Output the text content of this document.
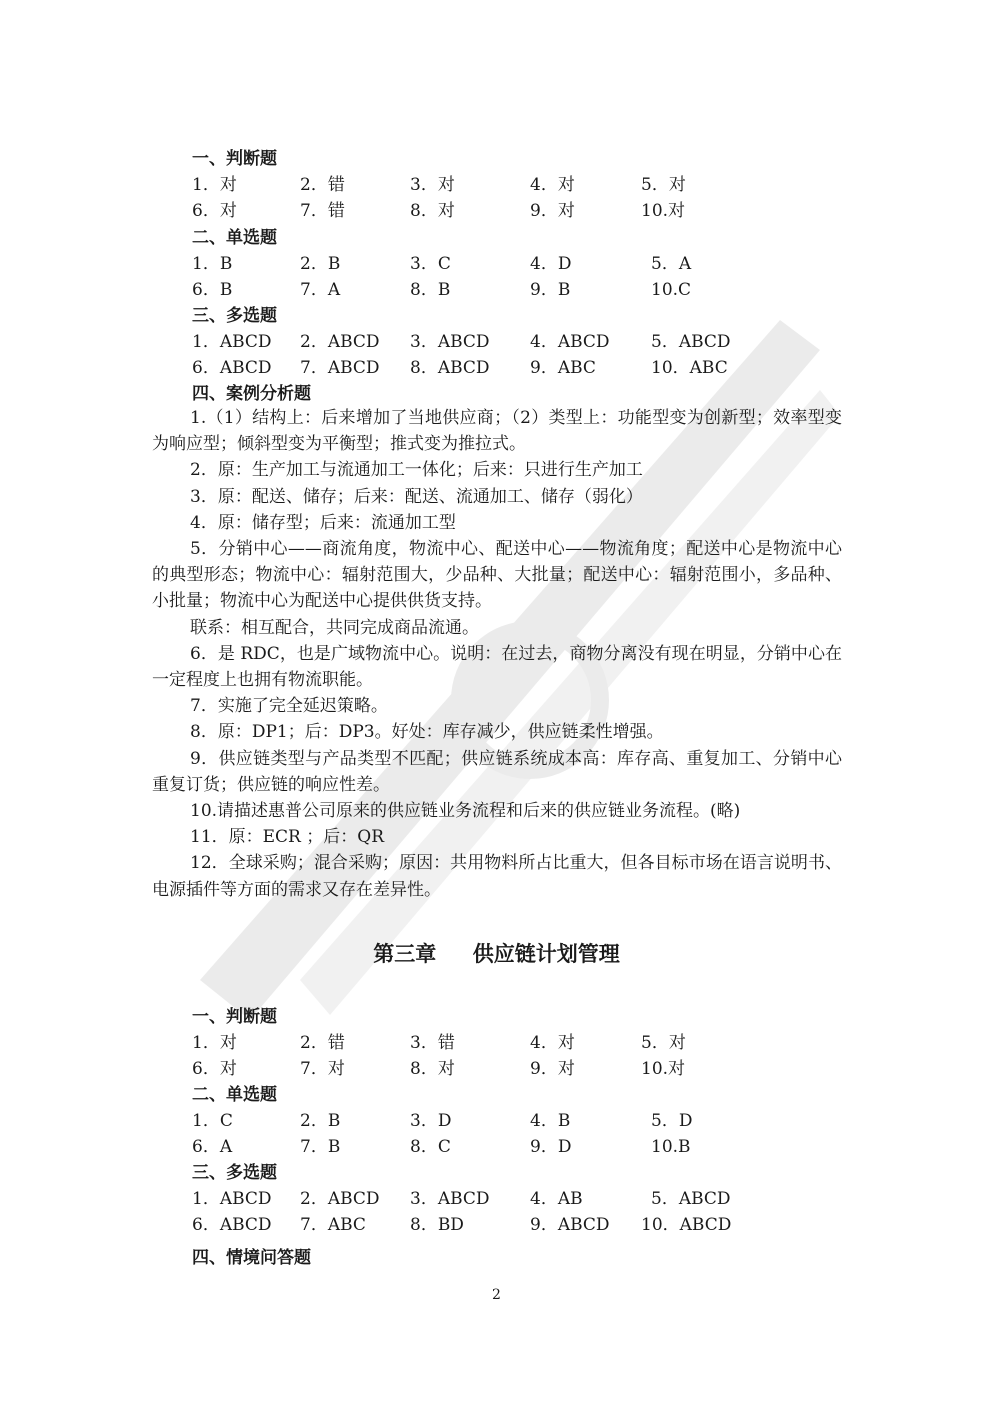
一、判断题
1．对	2．错	3．对	4．对	5．对
6．对	7．错	8．对	9．对	10.对
二、单选题
1．B	2．B	3．C	4．D	5．A
6．B	7．A	8．B	9．B	10.C
三、多选题
1．ABCD 2．ABCD 3．ABCD 4．ABCD 5．ABCD
6．ABCD 7．ABCD 8．ABCD 9．ABC	10．ABC
四、案例分析题

1.（1）结构上：后来增加了当地供应商；（2）类型上：功能型变为创新型；效率型变为响应型；倾斜型变为平衡型；推式变为推拉式。

2．原：生产加工与流通加工一体化；后来：只进行生产加工

3．原：配送、储存；后来：配送、流通加工、储存（弱化）

4．原：储存型；后来：流通加工型

5．分销中心——商流角度，物流中心、配送中心——物流角度；配送中心是物流中心的典型形态；物流中心：辐射范围大，少品种、大批量；配送中心：辐射范围小，多品种、小批量；物流中心为配送中心提供供货支持。

联系：相互配合，共同完成商品流通。

6．是 RDC，也是广域物流中心。说明：在过去，商物分离没有现在明显，分销中心在一定程度上也拥有物流职能。

7．实施了完全延迟策略。

8．原：DP1；后：DP3。好处：库存减少，供应链柔性增强。

9．供应链类型与产品类型不匹配；供应链系统成本高：库存高、重复加工、分销中心重复订货；供应链的响应性差。

10.请描述惠普公司原来的供应链业务流程和后来的供应链业务流程。(略)

11．原：ECR ；后：QR

12．全球采购；混合采购；原因：共用物料所占比重大，但各目标市场在语言说明书、电源插件等方面的需求又存在差异性。

第三章     供应链计划管理
一、判断题
1．对	2．错	3．错	4．对	5．对
6．对	7．对	8．对	9．对	10.对
二、单选题
1．C	2．B	3．D	4．B	5．D
6．A	7．B	8．C	9．D	10.B
三、多选题
1．ABCD 2．ABCD 3．ABCD 4．AB	5．ABCD
6．ABCD 7．ABC	8．BD	9．ABCD 10．ABCD
四、情境问答题
2
